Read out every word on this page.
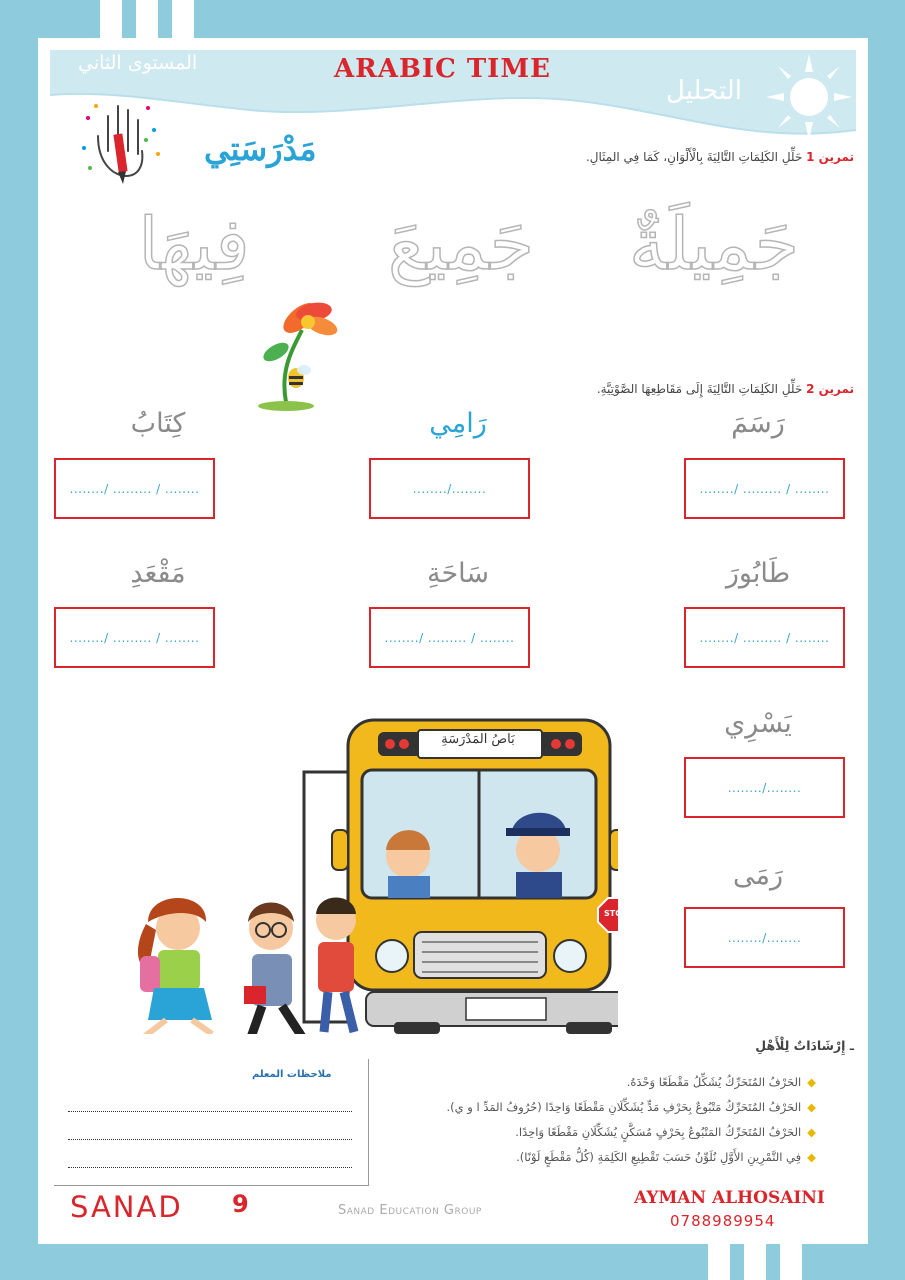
المستوى الثاني	ARABIC TIME
التحليل
مَدْرَسَتِي	تمرين 1 حَلِّلِ الكَلِمَاتِ التَّالِيَةَ بِالْأَلْوَانِ، كَمَا فِي المِثَالِ.
جَمِيلَةٌ
جَمِيعَ
فِيهَا
تمرين 2 حَلِّلِ الكَلِمَاتِ التَّالِيَةَ إِلَى مَقَاطِعِهَا الصَّوْتِيَّةِ.
رَسَمَ
رَامِي
كِتَابُ
......../ ......... / ........
......../........
......../ ......... / ........
طَابُورَ
سَاحَةِ
مَقْعَدِ
......../ ......... / ........
......../ ......... / ........
......../ ......... / ........
يَسْرِي
......../........
رَمَى
......../........
بَاصُ المَدْرَسَةِ
STOP
ـ إِرْشَادَاتٌ لِلْأَهْلِ
◆الحَرْفُ المُتَحَرِّكُ يُشَكِّلُ مَقْطَعًا وَحْدَهُ.
◆الحَرْفُ المُتَحَرِّكُ مَتْبُوعٌ بِحَرْفِ مَدٍّ يُشَكِّلَانِ مَقْطَعًا وَاحِدًا (حُرُوفُ المَدِّ ا و ي).
◆الحَرْفُ المُتَحَرِّكُ المَتْبُوعُ بِحَرْفٍ مُسَكَّنٍ يُشَكِّلَانِ مَقْطَعًا وَاحِدًا.
◆فِي التَّمْرِينِ الأَوَّلِ نُلَوِّنُ حَسَبَ تَقْطِيعِ الكَلِمَةِ (كُلُّ مَقْطَعٍ لَوْنًا).
ملاحظات المعلم
SANAD 9	Sanad Education Group
AYMAN ALHOSAINI
0788989954
